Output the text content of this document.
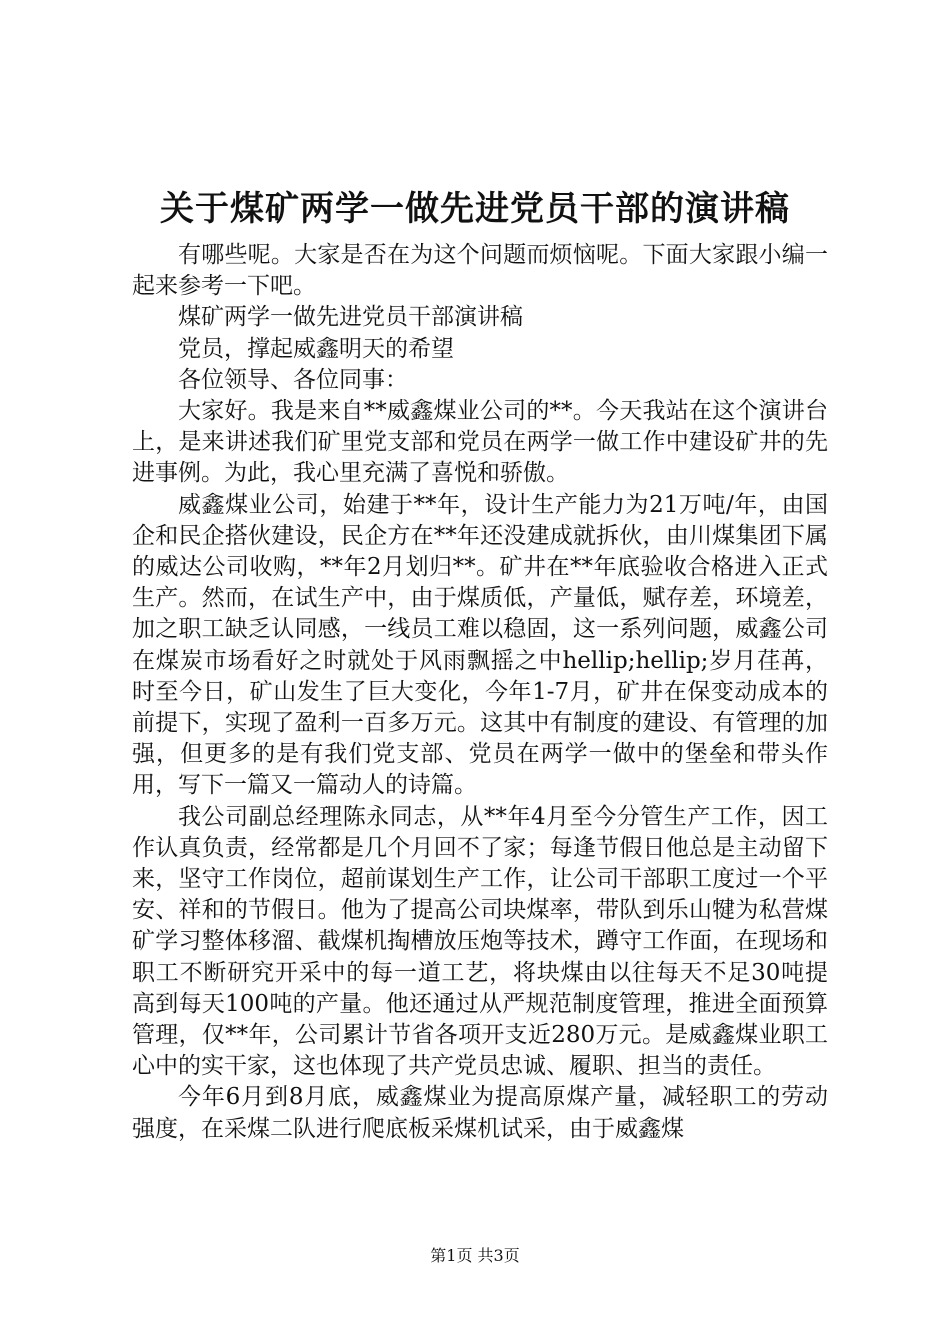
关于煤矿两学一做先进党员干部的演讲稿

有哪些呢。大家是否在为这个问题而烦恼呢。下面大家跟小编一起来参考一下吧。

煤矿两学一做先进党员干部演讲稿

党员，撑起威鑫明天的希望

各位领导、各位同事：

大家好。我是来自**威鑫煤业公司的**。今天我站在这个演讲台上，是来讲述我们矿里党支部和党员在两学一做工作中建设矿井的先进事例。为此，我心里充满了喜悦和骄傲。

威鑫煤业公司，始建于**年，设计生产能力为21万吨/年，由国企和民企搭伙建设，民企方在**年还没建成就拆伙，由川煤集团下属的威达公司收购，**年2月划归**。矿井在**年底验收合格进入正式生产。然而，在试生产中，由于煤质低，产量低，赋存差，环境差，加之职工缺乏认同感，一线员工难以稳固，这一系列问题，威鑫公司在煤炭市场看好之时就处于风雨飘摇之中hellip;hellip;岁月荏苒，时至今日，矿山发生了巨大变化，今年1-7月，矿井在保变动成本的前提下，实现了盈利一百多万元。这其中有制度的建设、有管理的加强，但更多的是有我们党支部、党员在两学一做中的堡垒和带头作用，写下一篇又一篇动人的诗篇。

我公司副总经理陈永同志，从**年4月至今分管生产工作，因工作认真负责，经常都是几个月回不了家；每逢节假日他总是主动留下来，坚守工作岗位，超前谋划生产工作，让公司干部职工度过一个平安、祥和的节假日。他为了提高公司块煤率，带队到乐山犍为私营煤矿学习整体移溜、截煤机掏槽放压炮等技术，蹲守工作面，在现场和职工不断研究开采中的每一道工艺，将块煤由以往每天不足30吨提高到每天100吨的产量。他还通过从严规范制度管理，推进全面预算管理，仅**年，公司累计节省各项开支近280万元。是威鑫煤业职工心中的实干家，这也体现了共产党员忠诚、履职、担当的责任。

今年6月到8月底，威鑫煤业为提高原煤产量，减轻职工的劳动强度，在采煤二队进行爬底板采煤机试采，由于威鑫煤

第1页 共3页
